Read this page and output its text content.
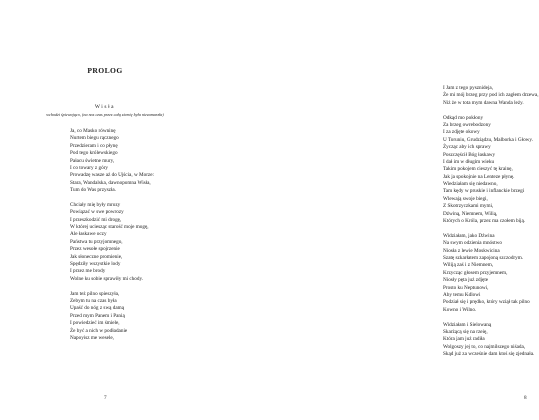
PROLOG
Wisła
wchodzi śpiewająco, (na nos czas przez całą ziemię była niezamarzła)
Ja, co Masko równinę
Nurtem biegu rącznego
Przedzieram i co płynę
Pod tego królewskiego
Pałacu świetne mury,
I co towary z góry
Prowadzę wasze aż do Ujścia, w Morze:
Stara, Wandalska, dawnopomna Wisła,
Tum do Was przyszła.
Chciały mię były mrozy
Powiązać w swe powrozy
I przeszkodzić mi drogę,
W której uciesząc starość moje mogę,
Ale łaskawe oczy
Państwa tu przyjomnego,
Przez wesołe spojrzenie
Jak słoneczne promienie,
Spędziły wszystkie lody
I przez me brody
Wolne ku sobie sprawiły mi chody.
Jam też pilno spieszyła,
Zebym tu na czas była
Upaść do nóg z swą damą
Przed mym Panem i Panią
I powiedzieć im śmiele,
Że być a nich w podładanie
Napoyisz me wesele,
7
I Jam z tego pysznideja,
Że mi mój brzeg przy pod ich zagłem drzewa,
Niż że w tota mym dawna Wanda leży.
Odkąd mo pokłony
Za brzeg owrebodzony
I za zdjęte okowy
U Toruniu, Grudziądzu, Malborka i Głowy.
Życząc aby ich sprawy
Poszczęścił Bóg łaskawy
I dał im w długim wieku
Takim pokojem cieszyć tę krainę,
Jak ja spokojnie na Lenteze płynę.
Wiedziałam się niedawno,
Tam kędy w pruskie i inflanckie brzegi
Wlewają swoje biegi,
Z Skotrzyczkami mymi,
Dźwiną, Niemnem, Wilią,
Których o Króla, przez ma czołem biją.
Widziałam, jako Dźwina
Na swym odzienia mnóstwo
Niosła z lewie Moskwicina
Szatę szkarłatem zapojoną szczodrym.
Wiliją zaś i z Niemnem,
Krzycząc głosem przyjemnem,
Niosły pęta już zdjęte
Prosto ku Neptunowi,
Aby temu Kdlowi
Podział się i prędko, który wziął tak pilno
Kowno i Wilno.
Widziałam i Sielowaną
Skarżącą się na rzeię,
Która jam już radiła
Wolgoszy jej to, co najmilszego niśada,
Skąd już za wcześnie dam ktoś się zjednała.
8
